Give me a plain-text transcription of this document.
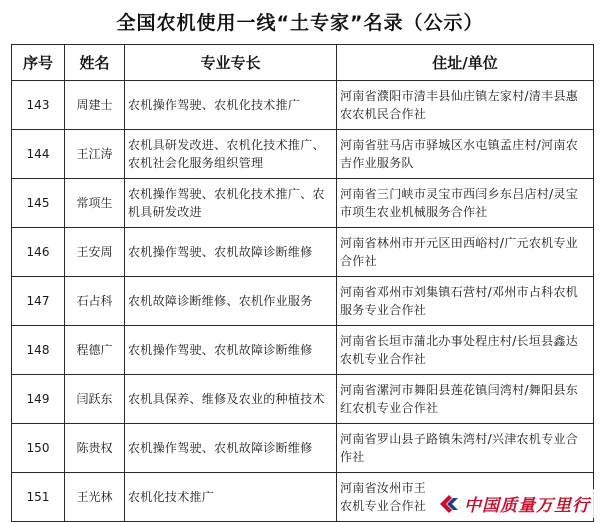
全国农机使用一线“土专家”名录（公示）
序号	姓名	专业专长	住址/单位
143	周建士	农机操作驾驶、农机化技术推广	河南省濮阳市清丰县仙庄镇左家村/清丰县惠农农机民合作社
144	王江涛	农机具研发改进、农机化技术推广、农机社会化服务组织管理	河南省驻马店市驿城区水屯镇孟庄村/河南农吉作业服务队
145	常项生	农机操作驾驶、农机化技术推广、农机具研发改进	河南省三门峡市灵宝市西闫乡东吕店村/灵宝市项生农业机械服务合作社
146	王安周	农机操作驾驶、农机故障诊断维修	河南省林州市开元区田西峪村/广元农机专业合作社
147	石占科	农机故障诊断维修、农机作业服务	河南省邓州市刘集镇石营村/邓州市占科农机服务专业合作社
148	程德广	农机操作驾驶、农机故障诊断维修	河南省长垣市蒲北办事处程庄村/长垣县鑫达农机专业合作社
149	闫跃东	农机具保养、维修及农业的种植技术	河南省漯河市舞阳县莲花镇闫湾村/舞阳县东红农机专业合作社
150	陈贵权	农机操作驾驶、农机故障诊断维修	河南省罗山县子路镇朱湾村/兴津农机专业合作社
151	王光林	农机化技术推广	河南省汝州市王
农机专业合作社 中国质量万里行
